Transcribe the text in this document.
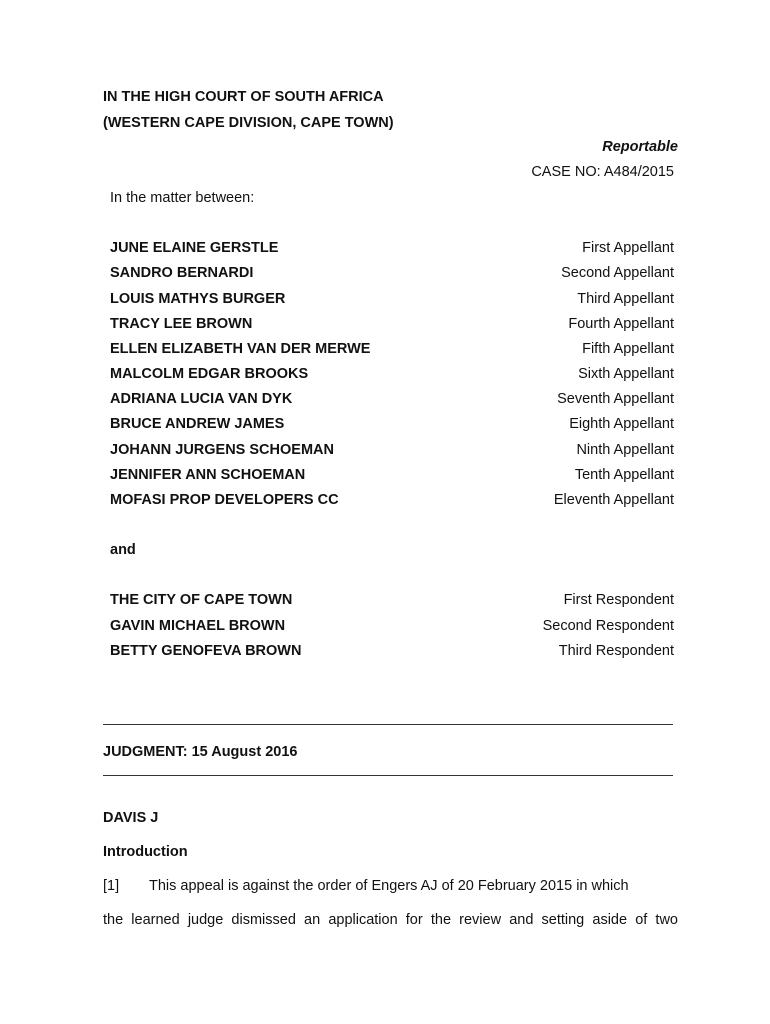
IN THE HIGH COURT OF SOUTH AFRICA
(WESTERN CAPE DIVISION, CAPE TOWN)
Reportable
CASE NO: A484/2015
In the matter between:
JUNE ELAINE GERSTLE	First Appellant
SANDRO BERNARDI	Second Appellant
LOUIS MATHYS BURGER	Third Appellant
TRACY LEE BROWN	Fourth Appellant
ELLEN ELIZABETH VAN DER MERWE	Fifth Appellant
MALCOLM EDGAR BROOKS	Sixth Appellant
ADRIANA LUCIA VAN DYK	Seventh Appellant
BRUCE ANDREW JAMES	Eighth Appellant
JOHANN JURGENS SCHOEMAN	Ninth Appellant
JENNIFER ANN SCHOEMAN	Tenth Appellant
MOFASI PROP DEVELOPERS CC	Eleventh Appellant
and
THE CITY OF CAPE TOWN	First Respondent
GAVIN MICHAEL BROWN	Second Respondent
BETTY GENOFEVA BROWN	Third Respondent
JUDGMENT: 15 August 2016
DAVIS J
Introduction
[1] This appeal is against the order of Engers AJ of 20 February 2015 in which
the learned judge dismissed an application for the review and setting aside of two
